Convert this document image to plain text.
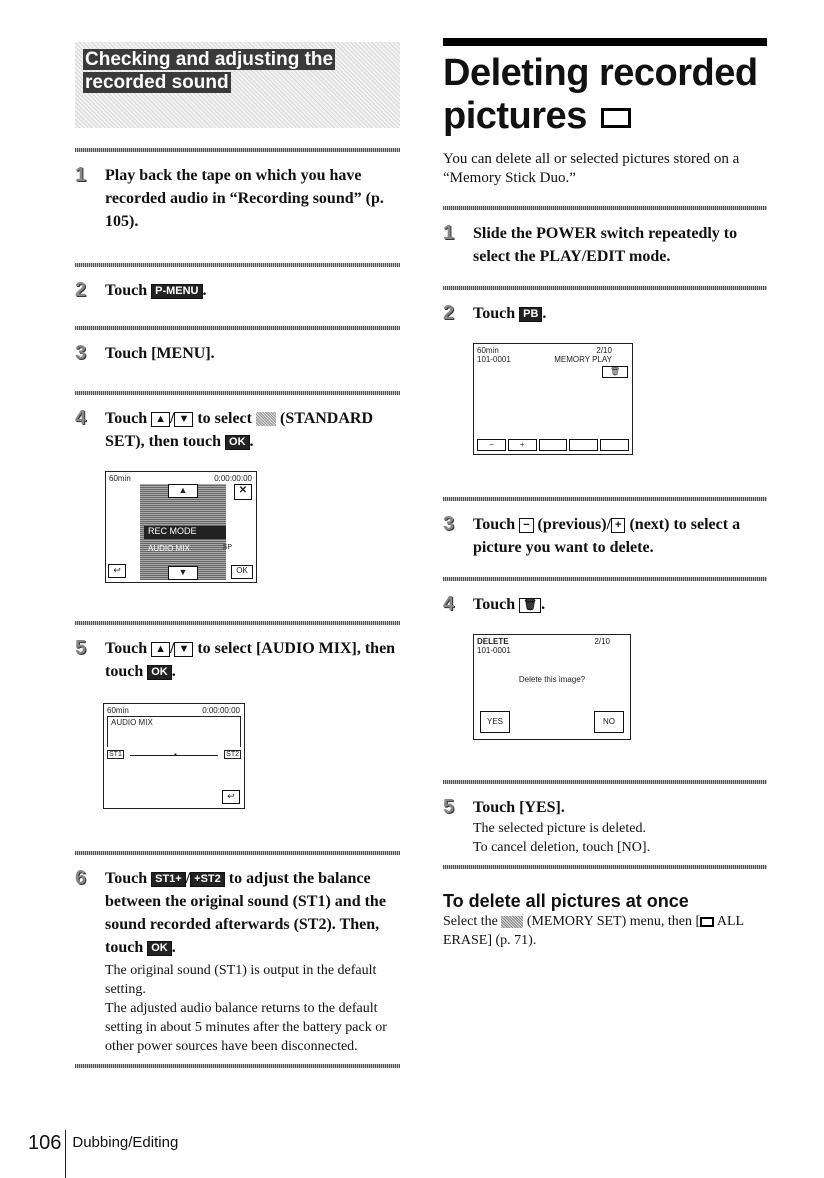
Checking and adjusting the recorded sound
1	Play back the tape on which you have recorded audio in “Recording sound” (p. 105).
2	Touch P-MENU .
3	Touch [MENU].
4	Touch ▲ / ▼ to select (STANDARD SET), then touch OK .
60min	0:00:00:00
▲	✕
REC MODE
AUDIO MIX	SP
↩	▼	OK
5	Touch ▲ / ▼ to select [AUDIO MIX], then touch OK .
60min	0:00:00:00
AUDIO MIX
ST1	▪	ST2
↩
6	Touch ST1+ / +ST2 to adjust the balance between the original sound (ST1) and the sound recorded afterwards (ST2). Then, touch OK .
The original sound (ST1) is output in the default setting.
The adjusted audio balance returns to the default setting in about 5 minutes after the battery pack or other power sources have been disconnected.
Deleting recorded
pictures
You can delete all or selected pictures stored on a “Memory Stick Duo.”
1	Slide the POWER switch repeatedly to select the PLAY/EDIT mode.
2	Touch PB .
60min	2/10
101-0001	MEMORY PLAY
🗑
−	+
3	Touch − (previous)/ + (next) to select a picture you want to delete.
4	Touch 🗑 .
DELETE	2/10
101-0001
Delete this image?
YES	NO
5	Touch [YES].
The selected picture is deleted.
To cancel deletion, touch [NO].
To delete all pictures at once
Select the (MEMORY SET) menu, then [ ALL ERASE] (p. 71).
106 Dubbing/Editing
